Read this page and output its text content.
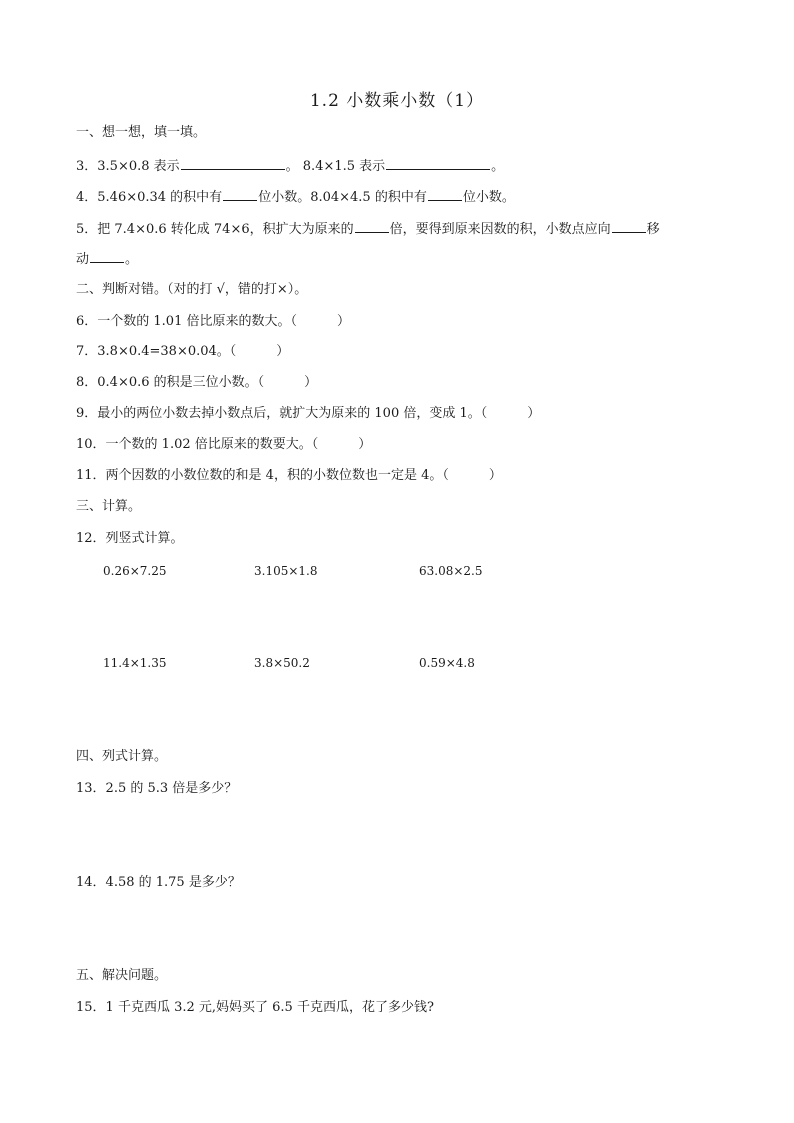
1.2 小数乘小数（1）
一、想一想，填一填。
3．3.5×0.8 表示	。 8.4×1.5 表示	。
4．5.46×0.34 的积中有	位小数。8.04×4.5 的积中有	位小数。
5．把 7.4×0.6 转化成 74×6，积扩大为原来的	倍，要得到原来因数的积，小数点应向	移
动	。
二、判断对错。（对的打 √，错的打×）。
6．一个数的 1.01 倍比原来的数大。（	）
7．3.8×0.4=38×0.04。（	）
8．0.4×0.6 的积是三位小数。（	）
9．最小的两位小数去掉小数点后，就扩大为原来的 100 倍，变成 1。（	）
10．一个数的 1.02 倍比原来的数要大。（	）
11．两个因数的小数位数的和是 4，积的小数位数也一定是 4。（	）
三、计算。
12．列竖式计算。
0.26×7.25	3.105×1.8	63.08×2.5
11.4×1.35	3.8×50.2	0.59×4.8
四、列式计算。
13．2.5 的 5.3 倍是多少？
14．4.58 的 1.75 是多少？
五、解决问题。
15．1 千克西瓜 3.2 元,妈妈买了 6.5 千克西瓜，花了多少钱?
